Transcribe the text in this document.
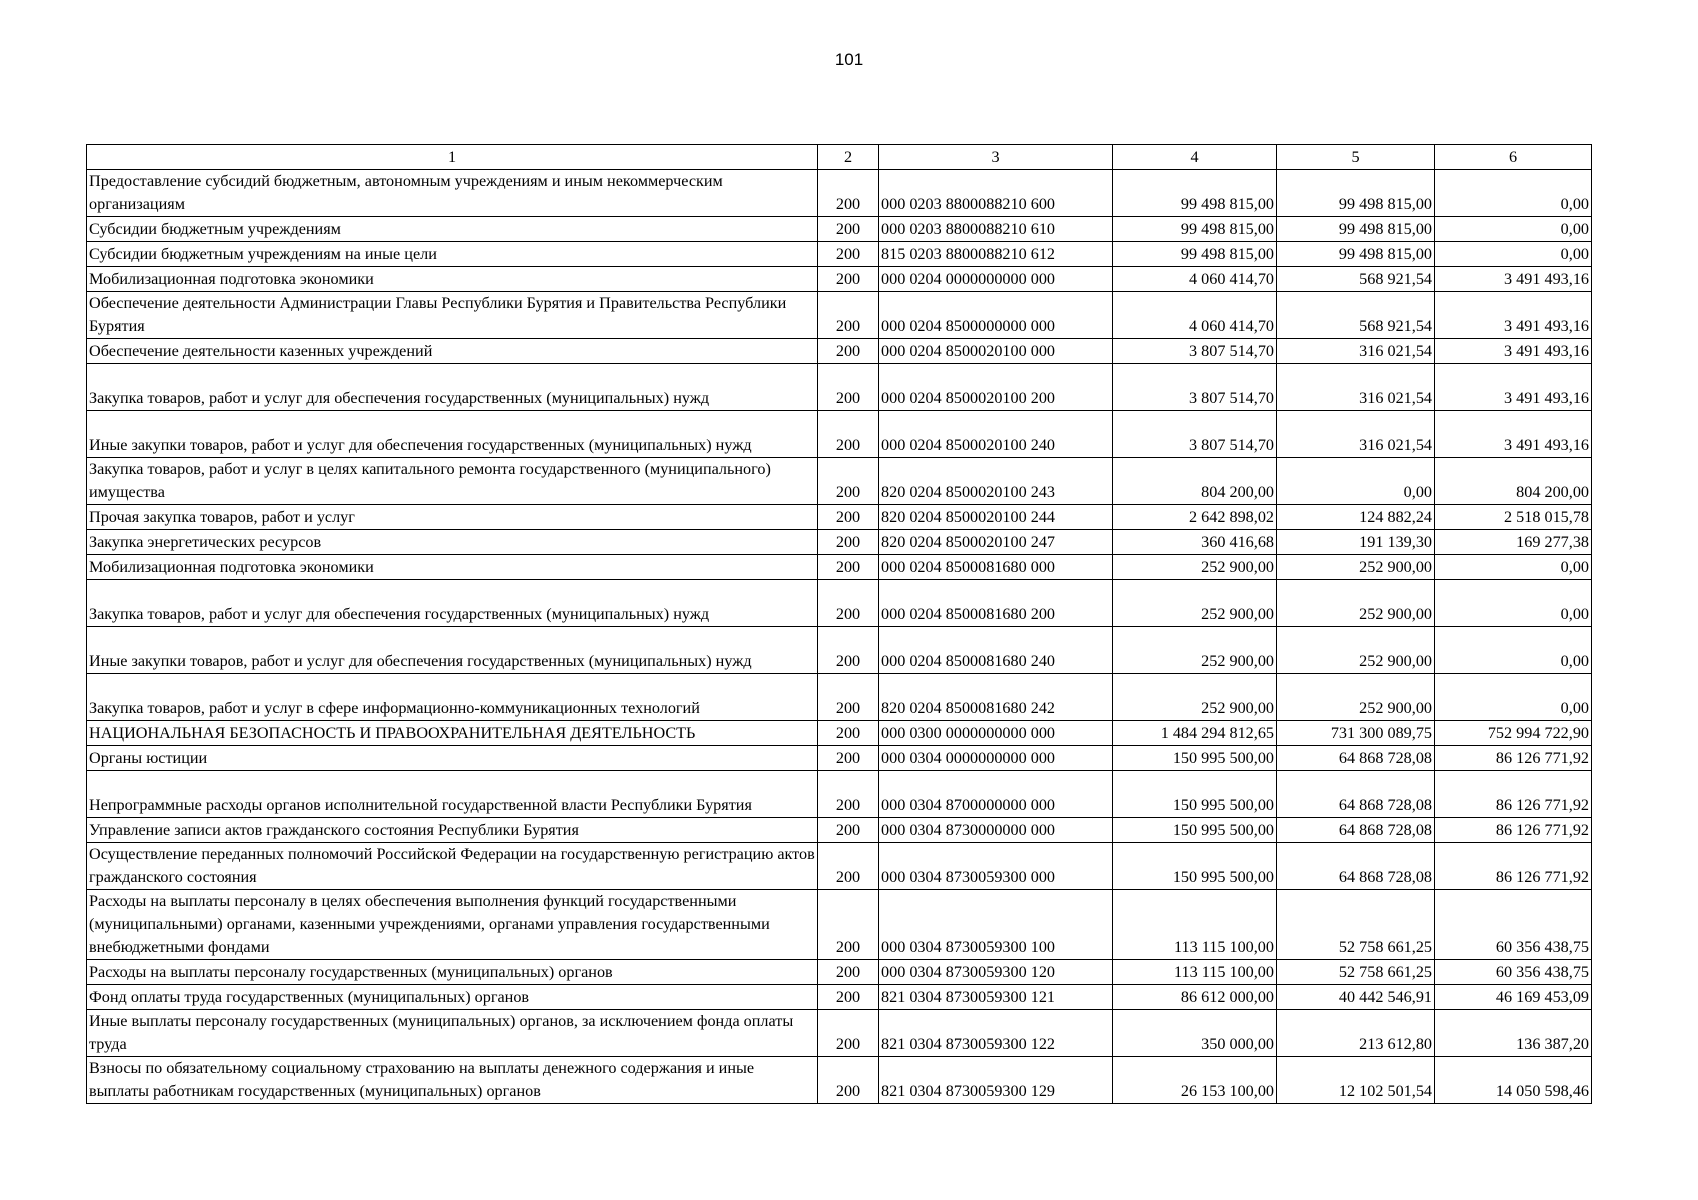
101
1	2	3	4	5	6
Предоставление субсидий бюджетным, автономным учреждениям и иным некоммерческим организациям	200	000 0203 8800088210 600	99 498 815,00	99 498 815,00	0,00
Субсидии бюджетным учреждениям	200	000 0203 8800088210 610	99 498 815,00	99 498 815,00	0,00
Субсидии бюджетным учреждениям на иные цели	200	815 0203 8800088210 612	99 498 815,00	99 498 815,00	0,00
Мобилизационная подготовка экономики	200	000 0204 0000000000 000	4 060 414,70	568 921,54	3 491 493,16
Обеспечение деятельности Администрации Главы Республики Бурятия и Правительства Республики Бурятия	200	000 0204 8500000000 000	4 060 414,70	568 921,54	3 491 493,16
Обеспечение деятельности казенных учреждений	200	000 0204 8500020100 000	3 807 514,70	316 021,54	3 491 493,16
Закупка товаров, работ и услуг для обеспечения государственных (муниципальных) нужд	200	000 0204 8500020100 200	3 807 514,70	316 021,54	3 491 493,16
Иные закупки товаров, работ и услуг для обеспечения государственных (муниципальных) нужд	200	000 0204 8500020100 240	3 807 514,70	316 021,54	3 491 493,16
Закупка товаров, работ и услуг в целях капитального ремонта государственного (муниципального) имущества	200	820 0204 8500020100 243	804 200,00	0,00	804 200,00
Прочая закупка товаров, работ и услуг	200	820 0204 8500020100 244	2 642 898,02	124 882,24	2 518 015,78
Закупка энергетических ресурсов	200	820 0204 8500020100 247	360 416,68	191 139,30	169 277,38
Мобилизационная подготовка экономики	200	000 0204 8500081680 000	252 900,00	252 900,00	0,00
Закупка товаров, работ и услуг для обеспечения государственных (муниципальных) нужд	200	000 0204 8500081680 200	252 900,00	252 900,00	0,00
Иные закупки товаров, работ и услуг для обеспечения государственных (муниципальных) нужд	200	000 0204 8500081680 240	252 900,00	252 900,00	0,00
Закупка товаров, работ и услуг в сфере информационно-коммуникационных технологий	200	820 0204 8500081680 242	252 900,00	252 900,00	0,00
НАЦИОНАЛЬНАЯ БЕЗОПАСНОСТЬ И ПРАВООХРАНИТЕЛЬНАЯ ДЕЯТЕЛЬНОСТЬ	200	000 0300 0000000000 000	1 484 294 812,65	731 300 089,75	752 994 722,90
Органы юстиции	200	000 0304 0000000000 000	150 995 500,00	64 868 728,08	86 126 771,92
Непрограммные расходы органов исполнительной государственной власти Республики Бурятия	200	000 0304 8700000000 000	150 995 500,00	64 868 728,08	86 126 771,92
Управление записи актов гражданского состояния Республики Бурятия	200	000 0304 8730000000 000	150 995 500,00	64 868 728,08	86 126 771,92
Осуществление переданных полномочий Российской Федерации на государственную регистрацию актов гражданского состояния	200	000 0304 8730059300 000	150 995 500,00	64 868 728,08	86 126 771,92
Расходы на выплаты персоналу в целях обеспечения выполнения функций государственными (муниципальными) органами, казенными учреждениями, органами управления государственными внебюджетными фондами	200	000 0304 8730059300 100	113 115 100,00	52 758 661,25	60 356 438,75
Расходы на выплаты персоналу государственных (муниципальных) органов	200	000 0304 8730059300 120	113 115 100,00	52 758 661,25	60 356 438,75
Фонд оплаты труда государственных (муниципальных) органов	200	821 0304 8730059300 121	86 612 000,00	40 442 546,91	46 169 453,09
Иные выплаты персоналу государственных (муниципальных) органов, за исключением фонда оплаты труда	200	821 0304 8730059300 122	350 000,00	213 612,80	136 387,20
Взносы по обязательному социальному страхованию на выплаты денежного содержания и иные выплаты работникам государственных (муниципальных) органов	200	821 0304 8730059300 129	26 153 100,00	12 102 501,54	14 050 598,46
